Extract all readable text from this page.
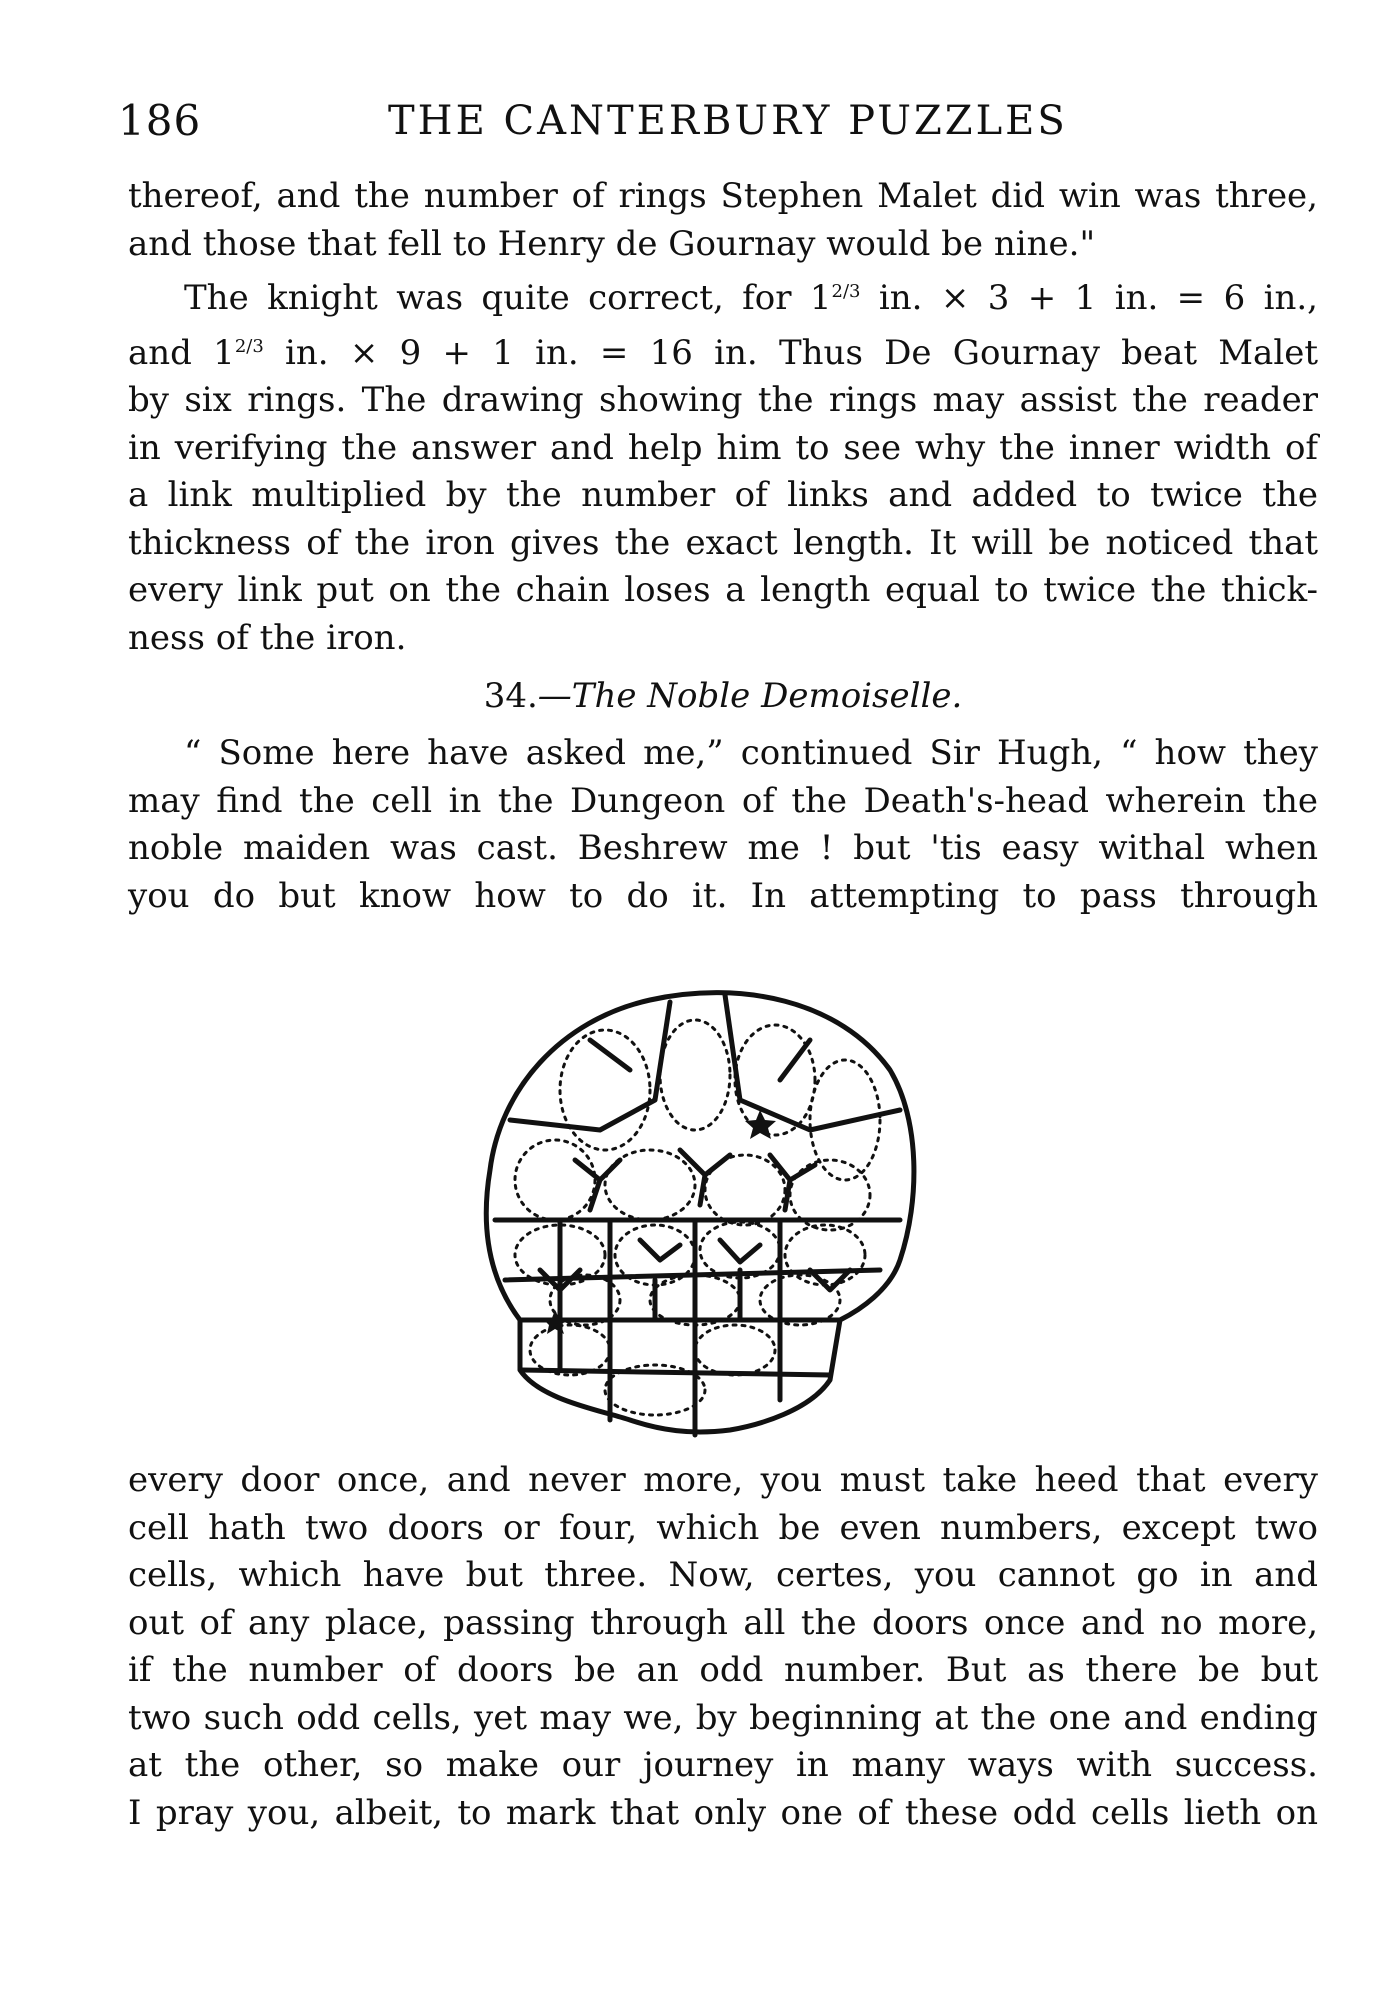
186	THE CANTERBURY PUZZLES
thereof, and the number of rings Stephen Malet did win was three,
and those that fell to Henry de Gournay would be nine."
The knight was quite correct, for $1^{2/3}$ in. × 3 + 1 in. = 6 in.,
and $1^{2/3}$ in. × 9 + 1 in. = 16 in. Thus De Gournay beat Malet
by six rings. The drawing showing the rings may assist the reader
in verifying the answer and help him to see why the inner width of
a link multiplied by the number of links and added to twice the
thickness of the iron gives the exact length. It will be noticed that
every link put on the chain loses a length equal to twice the thick-
ness of the iron.
34.—The Noble Demoiselle.
“ Some here have asked me,” continued Sir Hugh, “ how they
may find the cell in the Dungeon of the Death's-head wherein the
noble maiden was cast. Beshrew me ! but 'tis easy withal when
you do but know how to do it. In attempting to pass through
every door once, and never more, you must take heed that every
cell hath two doors or four, which be even numbers, except two
cells, which have but three. Now, certes, you cannot go in and
out of any place, passing through all the doors once and no more,
if the number of doors be an odd number. But as there be but
two such odd cells, yet may we, by beginning at the one and ending
at the other, so make our journey in many ways with success.
I pray you, albeit, to mark that only one of these odd cells lieth on
